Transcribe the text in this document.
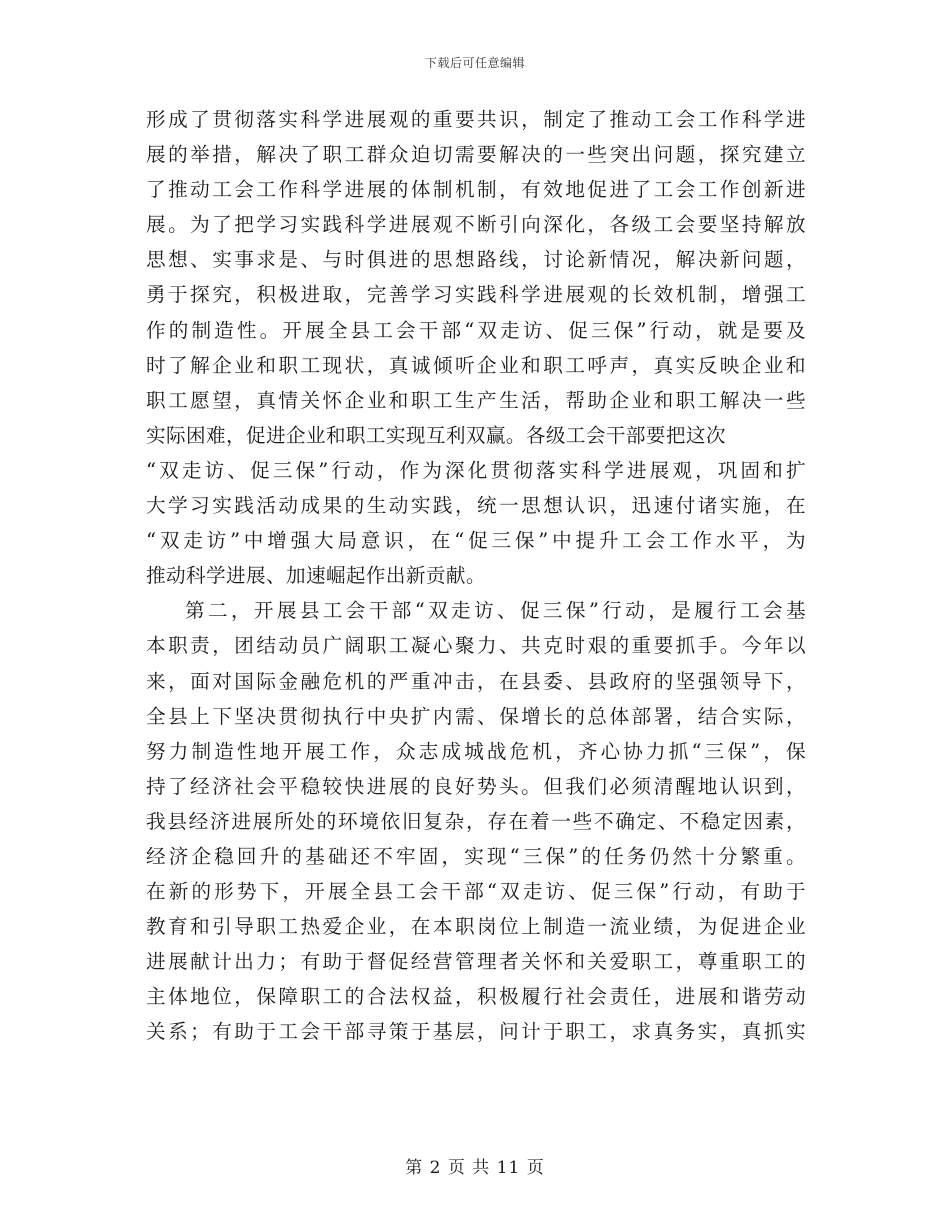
下载后可任意编辑
形成了贯彻落实科学进展观的重要共识，制定了推动工会工作科学进
展的举措，解决了职工群众迫切需要解决的一些突出问题，探究建立
了推动工会工作科学进展的体制机制，有效地促进了工会工作创新进
展。为了把学习实践科学进展观不断引向深化，各级工会要坚持解放
思想、实事求是、与时俱进的思想路线，讨论新情况，解决新问题，
勇于探究，积极进取，完善学习实践科学进展观的长效机制，增强工
作的制造性。开展全县工会干部“双走访、促三保”行动，就是要及
时了解企业和职工现状，真诚倾听企业和职工呼声，真实反映企业和
职工愿望，真情关怀企业和职工生产生活，帮助企业和职工解决一些
实际困难，促进企业和职工实现互利双赢。各级工会干部要把这次
“双走访、促三保”行动，作为深化贯彻落实科学进展观，巩固和扩
大学习实践活动成果的生动实践，统一思想认识，迅速付诸实施，在
“双走访”中增强大局意识，在“促三保”中提升工会工作水平，为
推动科学进展、加速崛起作出新贡献。
第二，开展县工会干部“双走访、促三保”行动，是履行工会基
本职责，团结动员广阔职工凝心聚力、共克时艰的重要抓手。今年以
来，面对国际金融危机的严重冲击，在县委、县政府的坚强领导下，
全县上下坚决贯彻执行中央扩内需、保增长的总体部署，结合实际，
努力制造性地开展工作，众志成城战危机，齐心协力抓“三保”，保
持了经济社会平稳较快进展的良好势头。但我们必须清醒地认识到，
我县经济进展所处的环境依旧复杂，存在着一些不确定、不稳定因素，
经济企稳回升的基础还不牢固，实现“三保”的任务仍然十分繁重。
在新的形势下，开展全县工会干部“双走访、促三保”行动，有助于
教育和引导职工热爱企业，在本职岗位上制造一流业绩，为促进企业
进展献计出力；有助于督促经营管理者关怀和关爱职工，尊重职工的
主体地位，保障职工的合法权益，积极履行社会责任，进展和谐劳动
关系；有助于工会干部寻策于基层，问计于职工，求真务实，真抓实
第 2 页 共 11 页
